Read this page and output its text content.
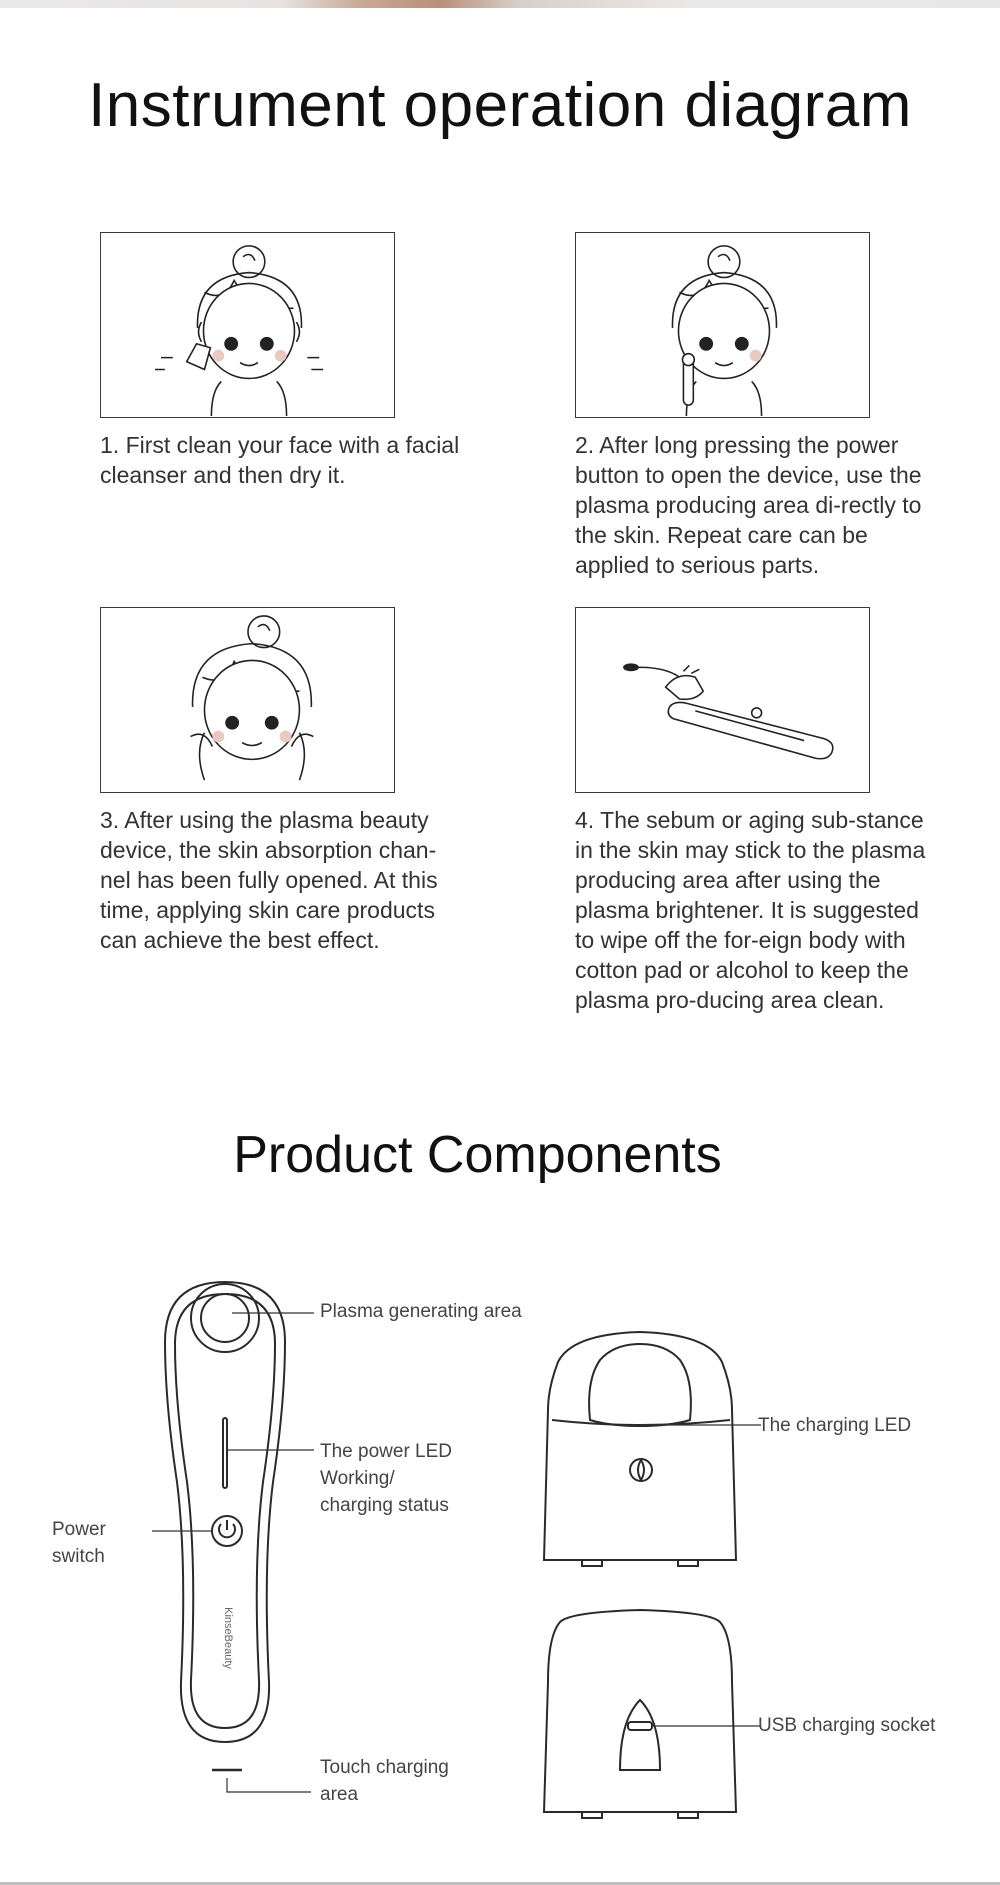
Instrument operation diagram

1. First clean your face with a facial cleanser and then dry it.

2. After long pressing the power button to open the device, use the plasma producing area di-rectly to the skin. Repeat care can be applied to serious parts.

3. After using the plasma beauty device, the skin absorption chan-nel has been fully opened. At this time, applying skin care products can achieve the best effect.

4. The sebum or aging sub-stance in the skin may stick to the plasma producing area after using the plasma brightener. It is suggested to wipe off the for-eign body with cotton pad or alcohol to keep the plasma pro-ducing area clean.

Product Components
KinseBeauty
Plasma generating area
The power LED
Working/
charging status
Power
switch
Touch charging
area
The charging LED
USB charging socket
